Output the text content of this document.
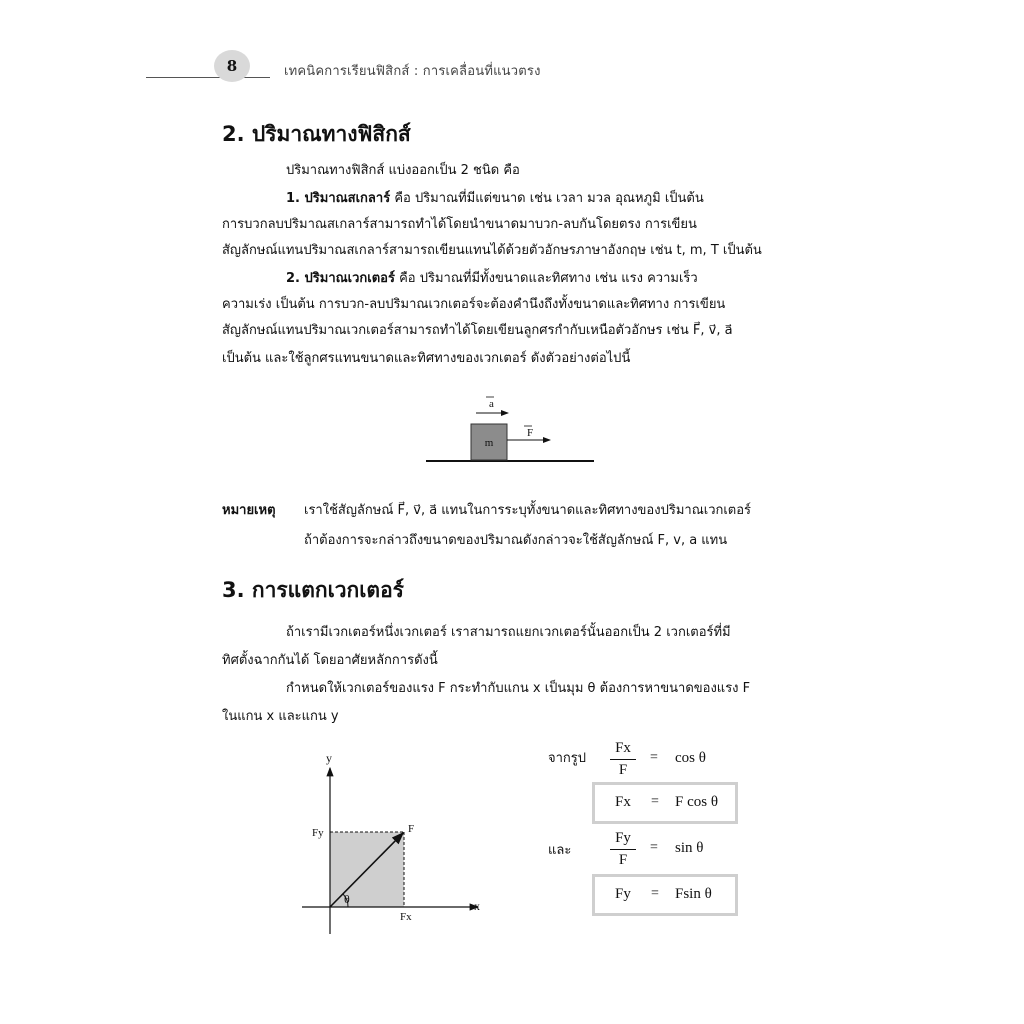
8	เทคนิคการเรียนฟิสิกส์ : การเคลื่อนที่แนวตรง
2. ปริมาณทางฟิสิกส์
ปริมาณทางฟิสิกส์ แบ่งออกเป็น 2 ชนิด คือ
1. ปริมาณสเกลาร์ คือ ปริมาณที่มีแต่ขนาด เช่น เวลา มวล อุณหภูมิ เป็นต้น
การบวกลบปริมาณสเกลาร์สามารถทำได้โดยนำขนาดมาบวก-ลบกันโดยตรง การเขียน
สัญลักษณ์แทนปริมาณสเกลาร์สามารถเขียนแทนได้ด้วยตัวอักษรภาษาอังกฤษ เช่น t, m, T เป็นต้น
2. ปริมาณเวกเตอร์ คือ ปริมาณที่มีทั้งขนาดและทิศทาง เช่น แรง ความเร็ว
ความเร่ง เป็นต้น การบวก-ลบปริมาณเวกเตอร์จะต้องคำนึงถึงทั้งขนาดและทิศทาง การเขียน
สัญลักษณ์แทนปริมาณเวกเตอร์สามารถทำได้โดยเขียนลูกศรกำกับเหนือตัวอักษร เช่น F⃗, v⃗, a⃗
เป็นต้น และใช้ลูกศรแทนขนาดและทิศทางของเวกเตอร์ ดังตัวอย่างต่อไปนี้
m
F
a
หมายเหตุ เราใช้สัญลักษณ์ F⃗, v⃗, a⃗ แทนในการระบุทั้งขนาดและทิศทางของปริมาณเวกเตอร์
ถ้าต้องการจะกล่าวถึงขนาดของปริมาณดังกล่าวจะใช้สัญลักษณ์ F, v, a แทน
3. การแตกเวกเตอร์
ถ้าเรามีเวกเตอร์หนึ่งเวกเตอร์ เราสามารถแยกเวกเตอร์นั้นออกเป็น 2 เวกเตอร์ที่มี
ทิศตั้งฉากกันได้ โดยอาศัยหลักการดังนี้
กำหนดให้เวกเตอร์ของแรง F กระทำกับแกน x เป็นมุม θ ต้องการหาขนาดของแรง F
ในแกน x และแกน y
y
x
Fy	F
Fx
θ
จากรูป
Fx
F
= cos θ
Fx = F cos θ
และ
Fy
F
= sin θ
Fy = Fsin θ
